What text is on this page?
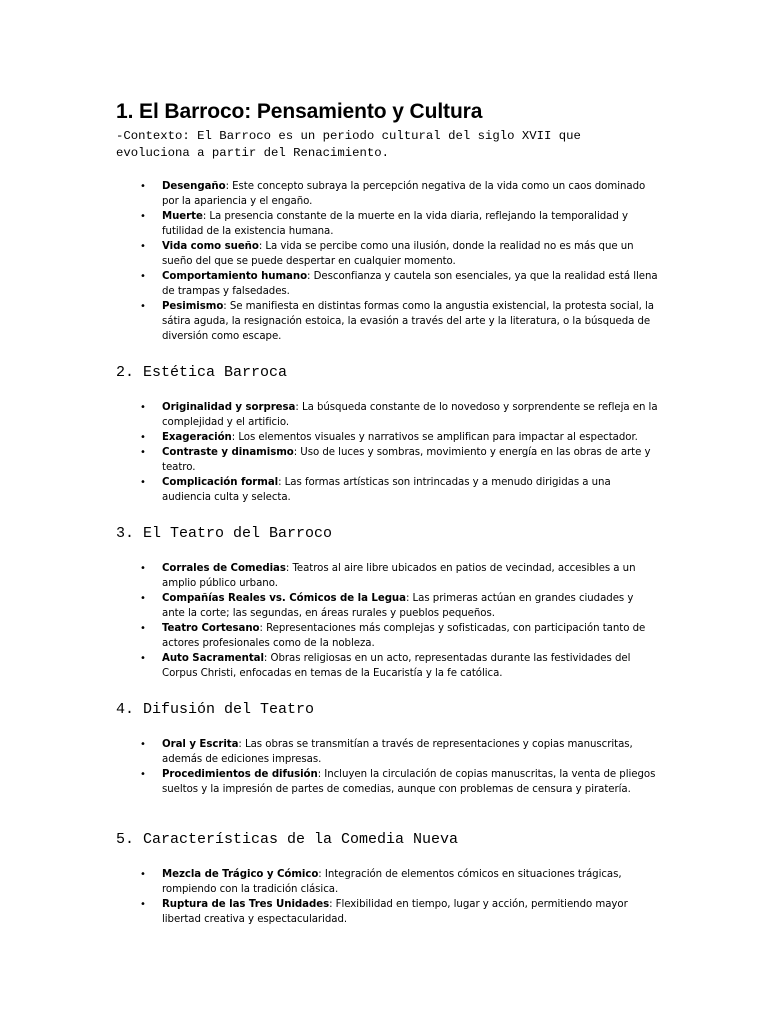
1. El Barroco: Pensamiento y Cultura

-Contexto: El Barroco es un periodo cultural del siglo XVII que evoluciona a partir del Renacimiento.

• Desengaño: Este concepto subraya la percepción negativa de la vida como un caos dominado por la apariencia y el engaño.
• Muerte: La presencia constante de la muerte en la vida diaria, reflejando la temporalidad y futilidad de la existencia humana.
• Vida como sueño: La vida se percibe como una ilusión, donde la realidad no es más que un sueño del que se puede despertar en cualquier momento.
• Comportamiento humano: Desconfianza y cautela son esenciales, ya que la realidad está llena de trampas y falsedades.
• Pesimismo: Se manifiesta en distintas formas como la angustia existencial, la protesta social, la sátira aguda, la resignación estoica, la evasión a través del arte y la literatura, o la búsqueda de diversión como escape.
2. Estética Barroca
• Originalidad y sorpresa: La búsqueda constante de lo novedoso y sorprendente se refleja en la complejidad y el artificio.
• Exageración: Los elementos visuales y narrativos se amplifican para impactar al espectador.
• Contraste y dinamismo: Uso de luces y sombras, movimiento y energía en las obras de arte y teatro.
• Complicación formal: Las formas artísticas son intrincadas y a menudo dirigidas a una audiencia culta y selecta.
3. El Teatro del Barroco
• Corrales de Comedias: Teatros al aire libre ubicados en patios de vecindad, accesibles a un amplio público urbano.
• Compañías Reales vs. Cómicos de la Legua: Las primeras actúan en grandes ciudades y ante la corte; las segundas, en áreas rurales y pueblos pequeños.
• Teatro Cortesano: Representaciones más complejas y sofisticadas, con participación tanto de actores profesionales como de la nobleza.
• Auto Sacramental: Obras religiosas en un acto, representadas durante las festividades del Corpus Christi, enfocadas en temas de la Eucaristía y la fe católica.
4. Difusión del Teatro
• Oral y Escrita: Las obras se transmitían a través de representaciones y copias manuscritas, además de ediciones impresas.
• Procedimientos de difusión: Incluyen la circulación de copias manuscritas, la venta de pliegos sueltos y la impresión de partes de comedias, aunque con problemas de censura y piratería.
5. Características de la Comedia Nueva
• Mezcla de Trágico y Cómico: Integración de elementos cómicos en situaciones trágicas, rompiendo con la tradición clásica.
• Ruptura de las Tres Unidades: Flexibilidad en tiempo, lugar y acción, permitiendo mayor libertad creativa y espectacularidad.
